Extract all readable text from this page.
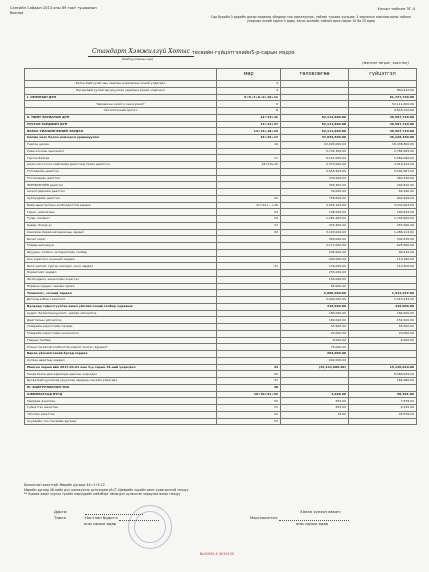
Сангийн Сайдын 2013 оны 89 тоот тушаалын
бизнаа
Улсын тайлан ЗГ-4
Сар бүрийн 5 өдрийн дотор мэдээнд үйлдвэр гэж ажиллуулах, тайлан тушаах хугацаа: 1 зарлагын ажиллагааны тайлан улирлын эхний сарын 5 өдөр, хагас жилийн тайлан ирэх сарын 10 ба 25 өдөр
Стандарт Хэмжилзүй Хотыс
(байгууллагын нэр)
тесвийн гүйцэтгэлийн5-р-сарын мэдээ
(мянган төгрөг, зээл.нэг)
	мөр	төловлөгөө	гүйцэтгэл
Бэлэн байгуулагчын хамтын алдагдлын эхний үлдэгдэл	3		
Бусад байгууллагад оруулсан зардлын эхний үлдэгдэл	4		850,432.00
I. ОРЛОГЫН ДҮН	5=6+7+8+9+10+11		61,727,720.00
Төвлөрсөн орлого санхүүжилт	6		52,111,600.00
Үйлчилгээний орлого	8		9,616,120.00
II. НИЙТ ЗАРЛАГЫН ДҮН	12=13+41	52,111,600.00	46,597,710.00
УРСГАЛ ЗАРДЛЫН ДҮН	13=14+37	52,111,600.00	46,597,710.00
БАРАА ҮЙЛЧИЛГЭЭНИЙ ЗАРДАЛ	14=15+18+22	52,111,600.00	46,597,710.00
Цалин хөлс болон нэмэгдэл урамшуулал	15=16+17	37,934,500.00	36,128,350.00
Үндсэн цалин	16	22,093,000.00	18,438,800.00
Унаа хоолны хөнгөлөлт		3,732,300.00	2,784,565.00
Гэртээ байгаа	17	6,107,000.00	5,064,090.00
Ажил олгогчоос нийгмийн даатгалд төлөх шимтгэл	18=19+20	4,373,000.00	3,913,415.00
Тэтгэврийн даатгал		2,655,500.00	2,544,667.00
Тэтгэмжийн даатгал		379,500.00	363,330.00
ЭМНЭЛЭГИЙН даатгал		303,300.00	290,810.00
Ажилгүйдлийн даатгал		76,000.00	64,590.00
Зүйлүүдийн даатгал	20	758,500.00	649,458.00
Байр ашиглалтын холбогдолтой зардал	21=22+...+36	3,052,100.00	3,232,604.00
Гэрэл, цахилгаан	23	198,500.00	199,814.00
Түлш, халаалт	24	1,281,200.00	1,744,890.00
Цэвэр, бохир ус	27	472,400.00	267,090.00
Хангамж бараа материалын зардал	30	3,103,000.00	1,286,112.00
Бичиг хэрэг		393,000.00	332,670.00
Тээвэр шатахуун		2,177,000.00	625,560.00
Шуудан, холбоо, интернэтийн төлбөр		295,000.00	96,432.00
Хоз хэрэглэл, хүнсний зардал		200,000.00	110,180.00
Бага үнэтэй, түргэн элэгдэх, хоол зардал	31	176,000.00	110,400.00
Нормативт зардал		233,000.00	
Эм бэлдмэл, эмнэлгийн хэрэгсэл		150,000.00	
Нормын хувцас, зөөлөн эдлэл		83,000.00	
Томилолт, зочний зардал		2,000,000.00	1,513,232.00
Дотоод албан томилолт		2,000,000.00	1,513,232.00
Бусдаар гүйцэтгүүлсэн ажил үйлчилгээний төлбөр хураамж		316,900.00	416,000.00
Аудит, баталгаажуулалт, зөвлөх үйлчилгээ		180,000.00	180,000.00
Даатгалын үйлчилгээ		180,000.00	154,500.00
Тээврийн хэрэгслийн татвар		55,500.00	55,500.00
Тээврийн хэрэгслийн оношлогоо		20,000.00	20,000.00
Газрын төлбөр		6,000.00	6,000.00
Улсын төсөвтэй холбоотой нэмэлт хэлтэс, буцаалт		75,000.00	
Бараа үйлчилгээний бусад зардал		202,000.00	
Хүлээн авалтын зардал		202,000.00	
Мөнгөн хөрөнгийн 2017-01-01 оны 5-р сарын 31-ний үлдэгдэл	44	(52,111,600.00)	15,130,010.00
Төсөв бэлэн даа харилцах дансны үлдэгдэл	45		8,580,625.00
Бусад байгууллагад оруулсан зардлын эцсийн үлдэгдэл	47		164,980.00
III. БАЙГУУЛЛАГЫН ТОО	48		
АЖИЛЛАГСАД БҮГД	49=50+51+52	1,028.00	58,301.00
Удирдах ажилтан	50	555.00	7,878.00
Гүйцэтгэх ажилтан	51	455.00	4,545.00
Үйлчлэх ажилтан	52	18.00	45,878.00
Хүүхдийн тоо /төсвийн дугаар/	53		
Баланслан хаалттай: Мөрийн дугаар: 44=1+5-12
Мөрийн дугаар 46-нийн дүн шилжүүлэх дүнгээрээгүй (Т-4)мөрийн эцсийн хамт үлдэгдэлтэй тэнцүү
** Хуваах ажил хүргэх тухайн мөрүүдийн нийлбэрт нэмэгдэл хүлээлгэн хариулах ажил тэнцүү
Дарга:
Тамга	Нягтлан бодогч:
оны сарын өдөр
Хянан хүлээн авсан:
Мэргэжилтэн:
оны сарын өдөр
№00055 А 4019130
